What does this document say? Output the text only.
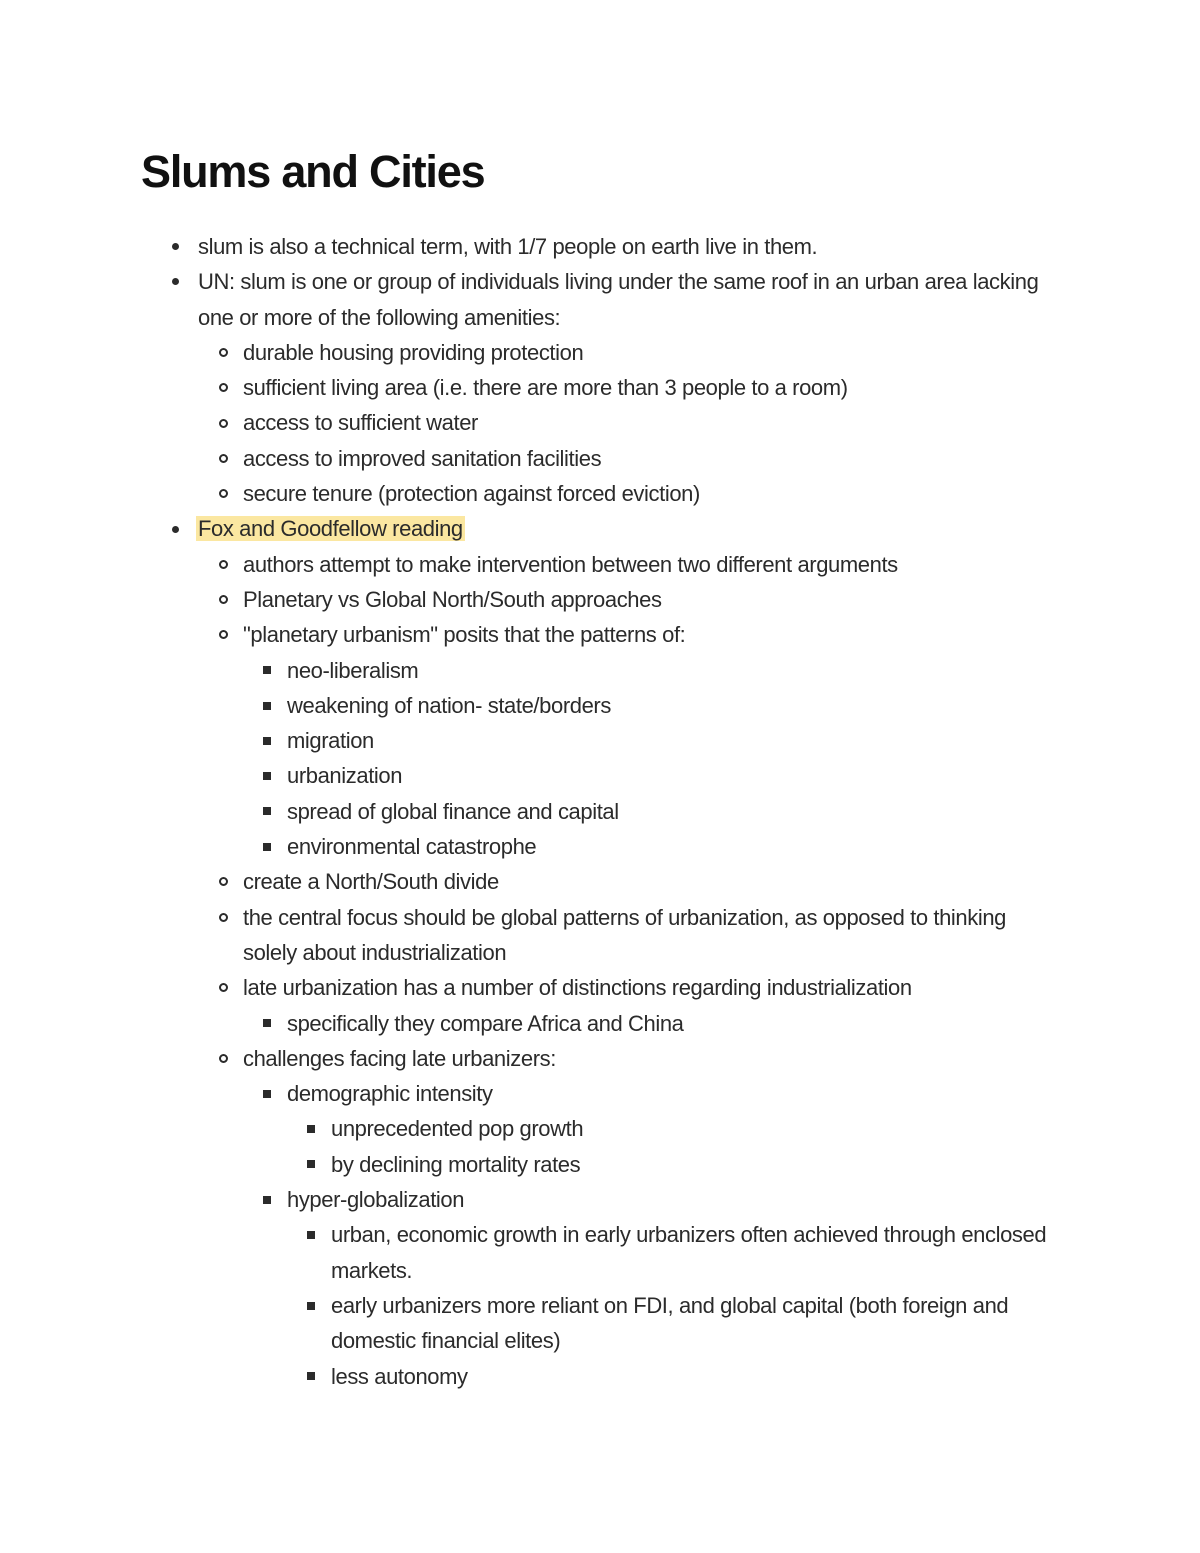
Slums and Cities
slum is also a technical term, with 1/7 people on earth live in them.
UN: slum is one or group of individuals living under the same roof in an urban area lacking one or more of the following amenities:
durable housing providing protection
sufficient living area (i.e. there are more than 3 people to a room)
access to sufficient water
access to improved sanitation facilities
secure tenure (protection against forced eviction)
Fox and Goodfellow reading
authors attempt to make intervention between two different arguments
Planetary vs Global North/South approaches
"planetary urbanism" posits that the patterns of:
neo-liberalism
weakening of nation- state/borders
migration
urbanization
spread of global finance and capital
environmental catastrophe
create a North/South divide
the central focus should be global patterns of urbanization, as opposed to thinking solely about industrialization
late urbanization has a number of distinctions regarding industrialization
specifically they compare Africa and China
challenges facing late urbanizers:
demographic intensity
unprecedented pop growth
by declining mortality rates
hyper-globalization
urban, economic growth in early urbanizers often achieved through enclosed markets.
early urbanizers more reliant on FDI, and global capital (both foreign and domestic financial elites)
less autonomy
